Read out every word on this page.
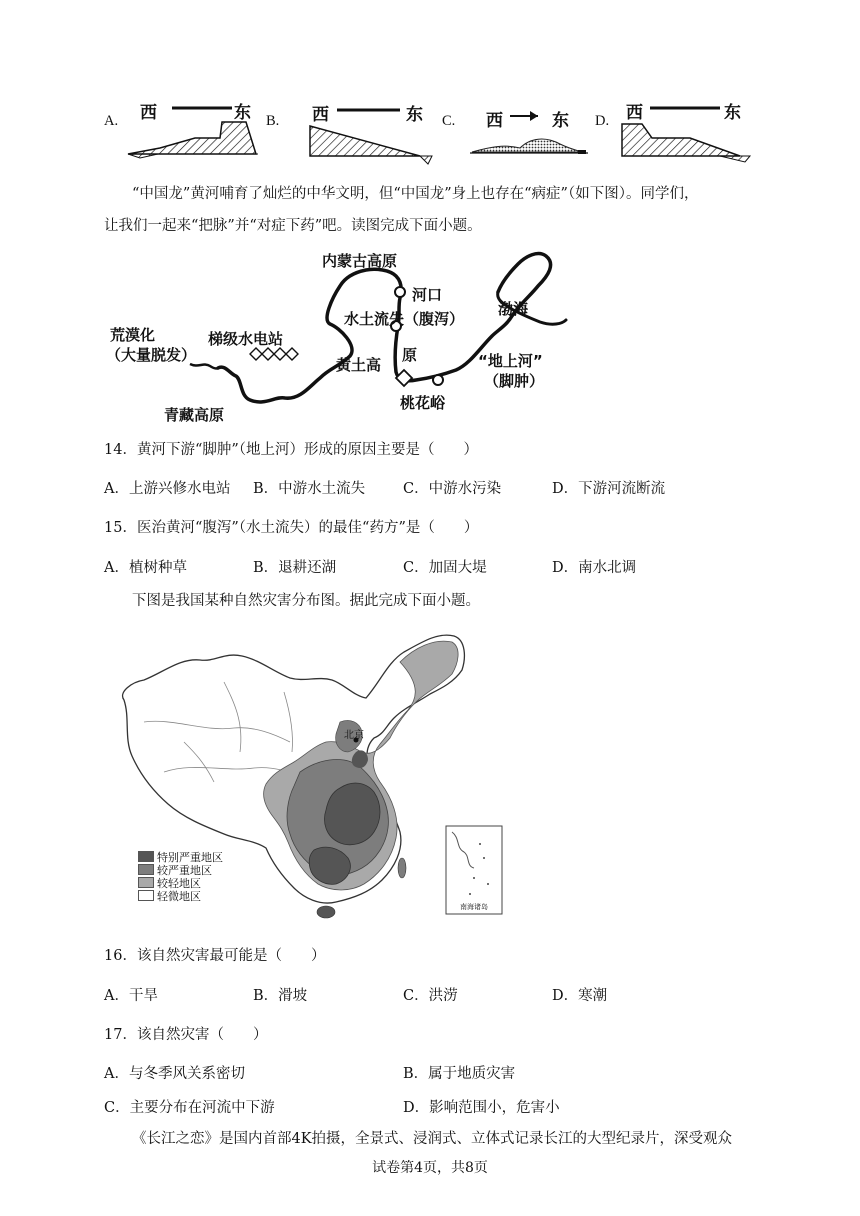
A. 西	东 B. 西	东 C. 西	东 D. 西	东
“中国龙”黄河哺育了灿烂的中华文明，但“中国龙”身上也存在“病症”（如下图）。同学们，
让我们一起来“把脉”并“对症下药”吧。读图完成下面小题。
内蒙古高原
河口
水土流失（腹泻）
渤海
荒漠化
（大量脱发）
梯级水电站
黄土高
原	“地上河”
（脚肿）
青藏高原
桃花峪
14．黄河下游“脚肿”（地上河）形成的原因主要是（　　）
A．上游兴修水电站 B．中游水土流失	C．中游水污染	D．下游河流断流
15．医治黄河“腹泻”（水土流失）的最佳“药方”是（　　）
A．植树种草	B．退耕还湖	C．加固大堤	D．南水北调
下图是我国某种自然灾害分布图。据此完成下面小题。
北京
南海诸岛
特别严重地区
较严重地区
较轻地区
轻微地区
16．该自然灾害最可能是（　　）
A．干旱	B．滑坡	C．洪涝	D．寒潮
17．该自然灾害（　　）
A．与冬季风关系密切	B．属于地质灾害
C．主要分布在河流中下游	D．影响范围小，危害小
《长江之恋》是国内首部4K拍摄，全景式、浸润式、立体式记录长江的大型纪录片，深受观众
试卷第4页，共8页
